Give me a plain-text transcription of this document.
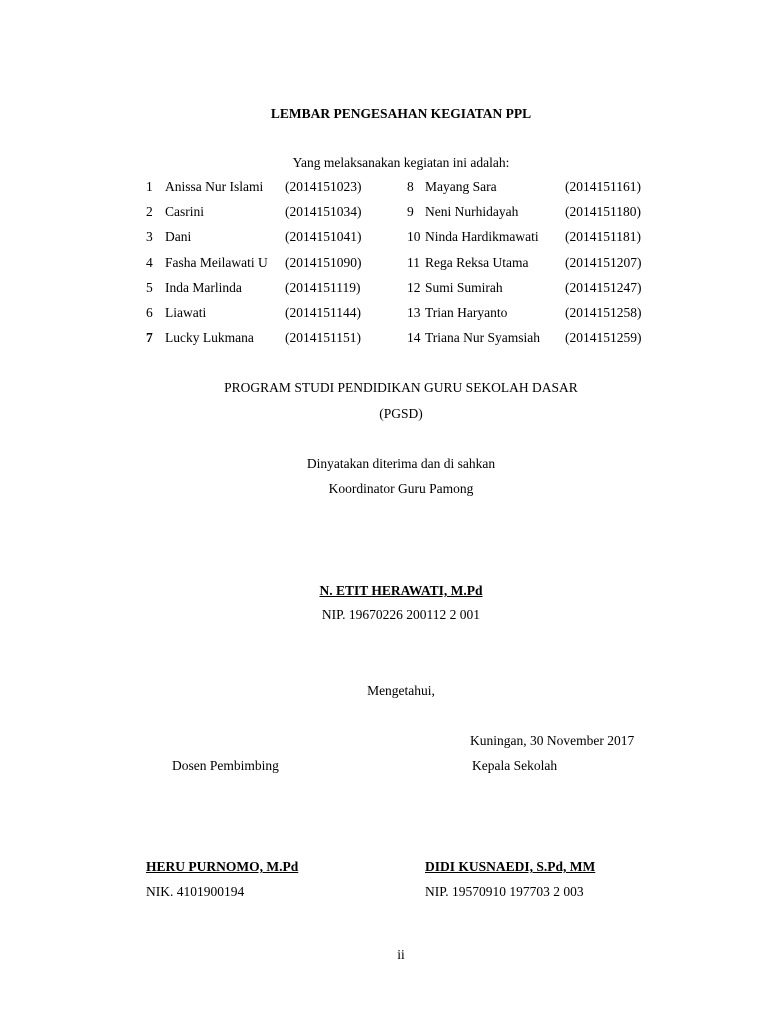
LEMBAR PENGESAHAN KEGIATAN PPL
Yang melaksanakan kegiatan ini adalah:
1 Anissa Nur Islami (2014151023)	8 Mayang Sara	(2014151161)
2 Casrini	(2014151034)	9 Neni Nurhidayah	(2014151180)
3 Dani	(2014151041)	10 Ninda Hardikmawati (2014151181)
4 Fasha Meilawati U (2014151090)	11 Rega Reksa Utama	(2014151207)
5 Inda Marlinda	(2014151119)	12 Sumi Sumirah	(2014151247)
6 Liawati	(2014151144)	13 Trian Haryanto	(2014151258)
7 Lucky Lukmana (2014151151)	14 Triana Nur Syamsiah (2014151259)
PROGRAM STUDI PENDIDIKAN GURU SEKOLAH DASAR
(PGSD)
Dinyatakan diterima dan di sahkan
Koordinator Guru Pamong
N. ETIT HERAWATI, M.Pd
NIP. 19670226 200112 2 001
Mengetahui,
Kuningan, 30 November 2017
Dosen Pembimbing	Kepala Sekolah
HERU PURNOMO, M.Pd	DIDI KUSNAEDI, S.Pd, MM
NIK. 4101900194	NIP. 19570910 197703 2 003
ii
